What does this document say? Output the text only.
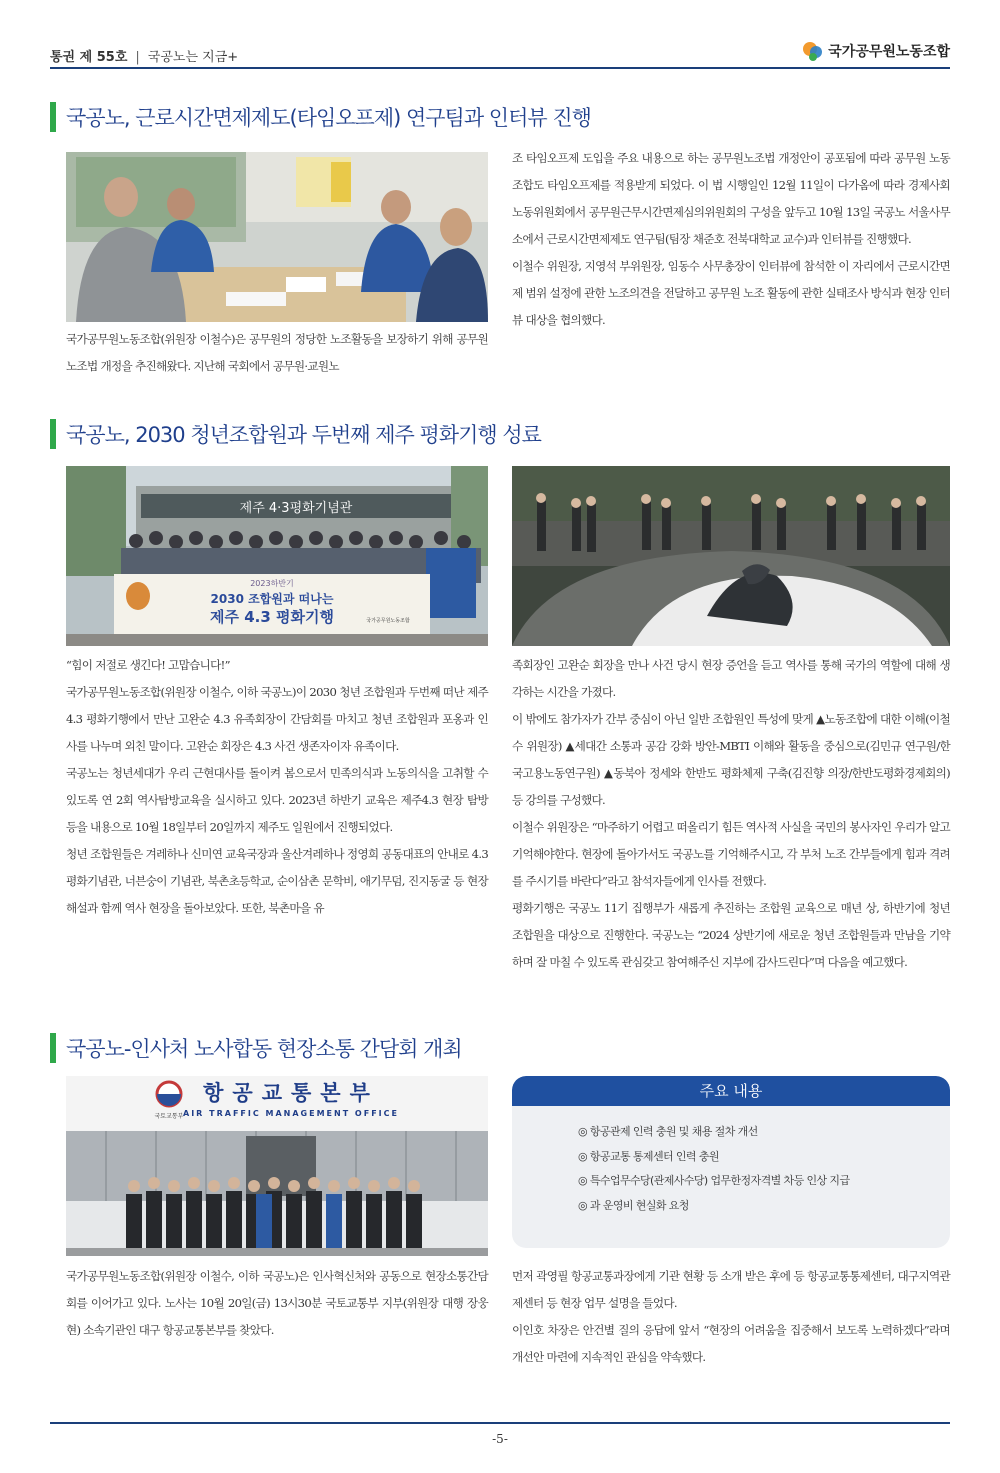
통권 제 55호 | 국공노는 지금+	국가공무원노동조합
국공노, 근로시간면제제도(타임오프제) 연구팀과 인터뷰 진행

국가공무원노동조합(위원장 이철수)은 공무원의 정당한 노조활동을 보장하기 위해 공무원노조법 개정을 추진해왔다. 지난해 국회에서 공무원·교원노

조 타임오프제 도입을 주요 내용으로 하는 공무원노조법 개정안이 공포됨에 따라 공무원 노동조합도 타임오프제를 적용받게 되었다. 이 법 시행일인 12월 11일이 다가옴에 따라 경제사회노동위원회에서 공무원근무시간면제심의위원회의 구성을 앞두고 10월 13일 국공노 서울사무소에서 근로시간면제제도 연구팀(팀장 채준호 전북대학교 교수)과 인터뷰를 진행했다.

이철수 위원장, 지영석 부위원장, 임동수 사무총장이 인터뷰에 참석한 이 자리에서 근로시간면제 범위 설정에 관한 노조의견을 전달하고 공무원 노조 활동에 관한 실태조사 방식과 현장 인터뷰 대상을 협의했다.

국공노, 2030 청년조합원과 두번째 제주 평화기행 성료
제주 4·3평화기념관
2023하반기
2030 조합원과 떠나는
제주 4.3 평화기행	국가공무원노동조합

“힘이 저절로 생긴다! 고맙습니다!”

국가공무원노동조합(위원장 이철수, 이하 국공노)이 2030 청년 조합원과 두번째 떠난 제주 4.3 평화기행에서 만난 고완순 4.3 유족회장이 간담회를 마치고 청년 조합원과 포옹과 인사를 나누며 외친 말이다. 고완순 회장은 4.3 사건 생존자이자 유족이다.

국공노는 청년세대가 우리 근현대사를 돌이켜 봄으로서 민족의식과 노동의식을 고취할 수 있도록 연 2회 역사탐방교육을 실시하고 있다. 2023년 하반기 교육은 제주4.3 현장 탐방 등을 내용으로 10월 18일부터 20일까지 제주도 일원에서 진행되었다.

청년 조합원들은 겨레하나 신미연 교육국장과 울산겨레하나 정영희 공동대표의 안내로 4.3평화기념관, 너븐숭이 기념관, 북촌초등학교, 순이삼촌 문학비, 애기무덤, 진지동굴 등 현장 해설과 함께 역사 현장을 돌아보았다. 또한, 북촌마을 유

족회장인 고완순 회장을 만나 사건 당시 현장 증언을 듣고 역사를 통해 국가의 역할에 대해 생각하는 시간을 가졌다.

이 밖에도 참가자가 간부 중심이 아닌 일반 조합원인 특성에 맞게 ▲노동조합에 대한 이해(이철수 위원장) ▲세대간 소통과 공감 강화 방안-MBTI 이해와 활동을 중심으로(김민규 연구원/한국고용노동연구원) ▲동북아 정세와 한반도 평화체제 구축(김진향 의장/한반도평화경제회의) 등 강의를 구성했다.

이철수 위원장은 “마주하기 어렵고 떠올리기 힘든 역사적 사실을 국민의 봉사자인 우리가 알고 기억해야한다. 현장에 돌아가서도 국공노를 기억해주시고, 각 부처 노조 간부들에게 힘과 격려를 주시기를 바란다”라고 참석자들에게 인사를 전했다.

평화기행은 국공노 11기 집행부가 새롭게 추진하는 조합원 교육으로 매년 상, 하반기에 청년 조합원을 대상으로 진행한다. 국공노는 “2024 상반기에 새로운 청년 조합원들과 만남을 기약하며 잘 마칠 수 있도록 관심갖고 참여해주신 지부에 감사드린다”며 다음을 예고했다.

국공노-인사처 노사합동 현장소통 간담회 개최
국토교통부
항공교통본부
AIR TRAFFIC MANAGEMENT OFFICE
주요 내용
◎ 항공관제 인력 충원 및 채용 절차 개선
◎ 항공교통 통제센터 인력 충원
◎ 특수업무수당(관제사수당) 업무한정자격별 차등 인상 지급
◎ 과 운영비 현실화 요청

국가공무원노동조합(위원장 이철수, 이하 국공노)은 인사혁신처와 공동으로 현장소통간담회를 이어가고 있다. 노사는 10월 20일(금) 13시30분 국토교통부 지부(위원장 대행 장웅현) 소속기관인 대구 항공교통본부를 찾았다.

먼저 곽영필 항공교통과장에게 기관 현황 등 소개 받은 후에 등 항공교통통제센터, 대구지역관제센터 등 현장 업무 설명을 들었다.

이인호 차장은 안건별 질의 응답에 앞서 “현장의 어려움을 집중해서 보도록 노력하겠다”라며 개선안 마련에 지속적인 관심을 약속했다.

-5-
